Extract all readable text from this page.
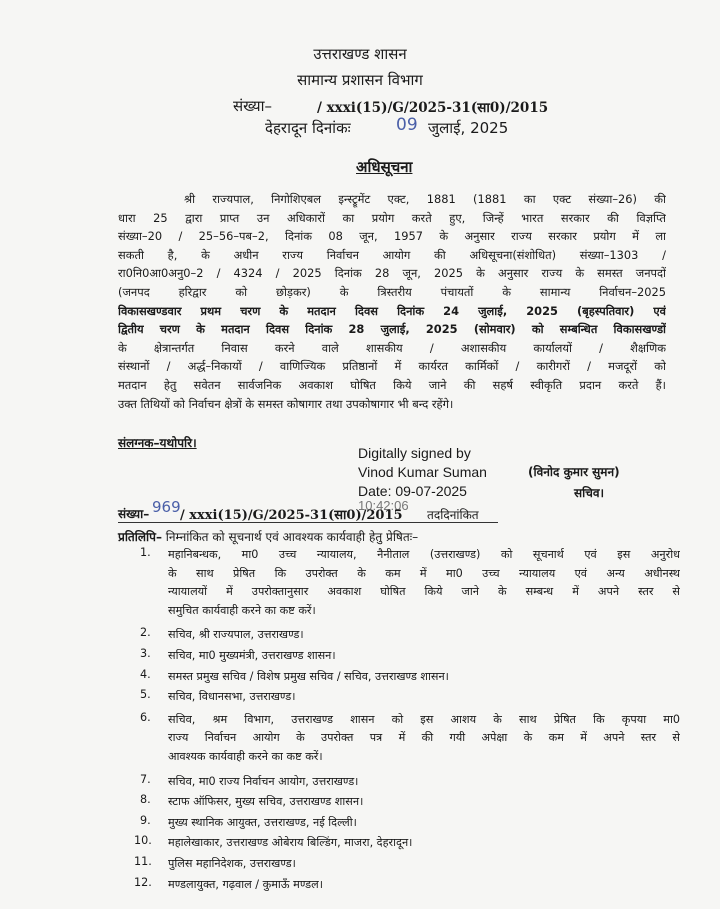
उत्तराखण्ड शासन
सामान्य प्रशासन विभाग
संख्या–	/ xxxi(15)/G/2025-31(सा0)/2015
देहरादून दिनांकः	09 जुलाई, 2025
अधिसूचना
श्री राज्यपाल, निगोशिएबल इन्स्ट्रूमेंट एक्ट, 1881 (1881 का एक्ट संख्या–26) की
धारा 25 द्वारा प्राप्त उन अधिकारों का प्रयोग करते हुए, जिन्हें भारत सरकार की विज्ञप्ति
संख्या–20 / 25–56–पब–2, दिनांक 08 जून, 1957 के अनुसार राज्य सरकार प्रयोग में ला
सकती है, के अधीन राज्य निर्वाचन आयोग की अधिसूचना(संशोधित) संख्या–1303 /
रा0नि0आ0अनु0–2 / 4324 / 2025 दिनांक 28 जून, 2025 के अनुसार राज्य के समस्त जनपदों
(जनपद हरिद्वार को छोड़कर) के त्रिस्तरीय पंचायतों के सामान्य निर्वाचन–2025
विकासखण्डवार प्रथम चरण के मतदान दिवस दिनांक 24 जुलाई, 2025 (बृहस्पतिवार) एवं
द्वितीय चरण के मतदान दिवस दिनांक 28 जुलाई, 2025 (सोमवार) को सम्बन्धित विकासखण्डों
के क्षेत्रान्तर्गत निवास करने वाले शासकीय / अशासकीय कार्यालयों / शैक्षणिक
संस्थानों / अर्द्ध–निकायों / वाणिज्यिक प्रतिष्ठानों में कार्यरत कार्मिकों / कारीगरों / मजदूरों को
मतदान हेतु सवेतन सार्वजनिक अवकाश घोषित किये जाने की सहर्ष स्वीकृति प्रदान करते हैं।
उक्त तिथियों को निर्वाचन क्षेत्रों के समस्त कोषागार तथा उपकोषागार भी बन्द रहेंगे।
संलग्नक–यथोपरि।
Digitally signed by
Vinod Kumar Suman	(विनोद कुमार सुमन)
Date: 09-07-2025	सचिव।
10:42:06
संख्या– 969 / xxxi(15)/G/2025-31(सा0)/2015 तददिनांकित
प्रतिलिपि– निम्नांकित को सूचनार्थ एवं आवश्यक कार्यवाही हेतु प्रेषितः–
1.	महानिबन्धक, मा0 उच्च न्यायालय, नैनीताल (उत्तराखण्ड) को सूचनार्थ एवं इस अनुरोध
के साथ प्रेषित कि उपरोक्त के कम में मा0 उच्च न्यायालय एवं अन्य अधीनस्थ
न्यायालयों में उपरोक्तानुसार अवकाश घोषित किये जाने के सम्बन्ध में अपने स्तर से
समुचित कार्यवाही करने का कष्ट करें।
2.	सचिव, श्री राज्यपाल, उत्तराखण्ड।
3.	सचिव, मा0 मुख्यमंत्री, उत्तराखण्ड शासन।
4.	समस्त प्रमुख सचिव / विशेष प्रमुख सचिव / सचिव, उत्तराखण्ड शासन।
5.	सचिव, विधानसभा, उत्तराखण्ड।
6.	सचिव, श्रम विभाग, उत्तराखण्ड शासन को इस आशय के साथ प्रेषित कि कृपया मा0
राज्य निर्वाचन आयोग के उपरोक्त पत्र में की गयी अपेक्षा के कम में अपने स्तर से
आवश्यक कार्यवाही करने का कष्ट करें।
7.	सचिव, मा0 राज्य निर्वाचन आयोग, उत्तराखण्ड।
8.	स्टाफ ऑफिसर, मुख्य सचिव, उत्तराखण्ड शासन।
9.	मुख्य स्थानिक आयुक्त, उत्तराखण्ड, नई दिल्ली।
10.	महालेखाकार, उत्तराखण्ड ओबेराय बिल्डिंग, माजरा, देहरादून।
11.	पुलिस महानिदेशक, उत्तराखण्ड।
12.	मण्डलायुक्त, गढ़वाल / कुमाऊँ मण्डल।
